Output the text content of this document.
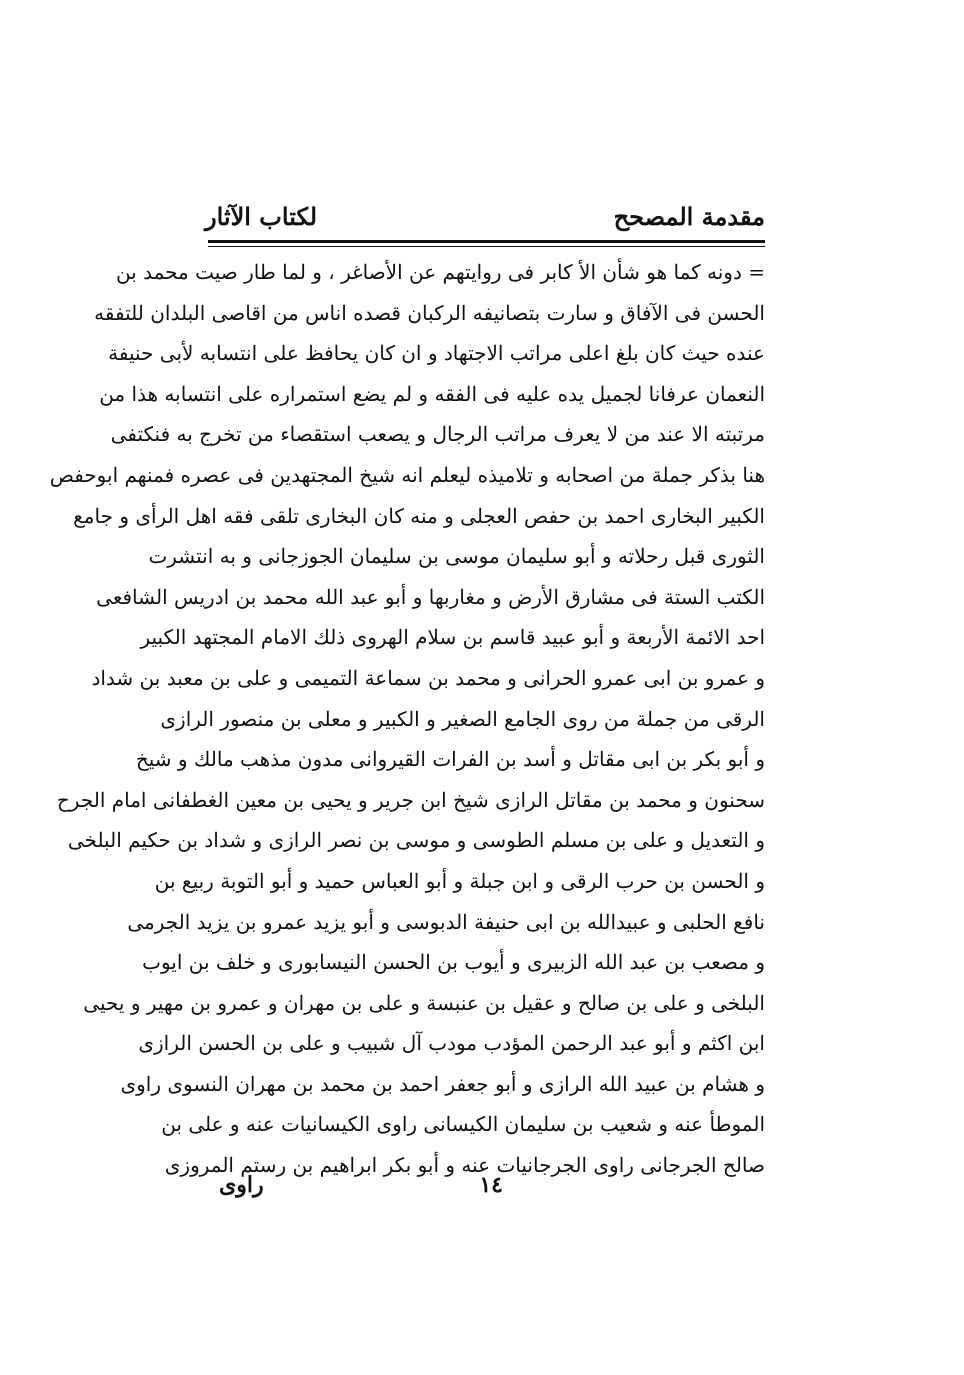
مقدمة المصحح
لكتاب الآثار
= دونه كما هو شأن الأ كابر فى روايتهم عن الأصاغر ، و لما طار صيت محمد بن
الحسن فى الآفاق و سارت بتصانيفه الركبان قصده اناس من اقاصى البلدان للتفقه
عنده حيث كان بلغ اعلى مراتب الاجتهاد و ان كان يحافظ على انتسابه لأبى حنيفة
النعمان عرفانا لجميل يده عليه فى الفقه و لم يضع استمراره على انتسابه هذا من
مرتبته الا عند من لا يعرف مراتب الرجال و يصعب استقصاء من تخرج به فنكتفى
هنا بذكر جملة من اصحابه و تلاميذه ليعلم انه شيخ المجتهدين فى عصره فمنهم ابوحفص
الكبير البخارى احمد بن حفص العجلى و منه كان البخارى تلقى فقه اهل الرأى و جامع
الثورى قبل رحلاته و أبو سليمان موسى بن سليمان الجوزجانى و به انتشرت
الكتب الستة فى مشارق الأرض و مغاربها و أبو عبد الله محمد بن ادريس الشافعى
احد الائمة الأربعة و أبو عبيد قاسم بن سلام الهروى ذلك الامام المجتهد الكبير
و عمرو بن ابى عمرو الحرانى و محمد بن سماعة التميمى و على بن معبد بن شداد
الرقى من جملة من روى الجامع الصغير و الكبير و معلى بن منصور الرازى
و أبو بكر بن ابى مقاتل و أسد بن الفرات القيروانى مدون مذهب مالك و شيخ
سحنون و محمد بن مقاتل الرازى شيخ ابن جرير و يحيى بن معين الغطفانى امام الجرح
و التعديل و على بن مسلم الطوسى و موسى بن نصر الرازى و شداد بن حكيم البلخى
و الحسن بن حرب الرقى و ابن جبلة و أبو العباس حميد و أبو التوبة ربيع بن
نافع الحلبى و عبيدالله بن ابى حنيفة الدبوسى و أبو يزيد عمرو بن يزيد الجرمى
و مصعب بن عبد الله الزبيرى و أيوب بن الحسن النيسابورى و خلف بن ايوب
البلخى و على بن صالح و عقيل بن عنبسة و على بن مهران و عمرو بن مهير و يحيى
ابن اكثم و أبو عبد الرحمن المؤدب مودب آل شبيب و على بن الحسن الرازى
و هشام بن عبيد الله الرازى و أبو جعفر احمد بن محمد بن مهران النسوى راوى
الموطأ عنه و شعيب بن سليمان الكيسانى راوى الكيسانيات عنه و على بن
صالح الجرجانى راوى الجرجانيات عنه و أبو بكر ابراهيم بن رستم المروزى
١٤
راوى
